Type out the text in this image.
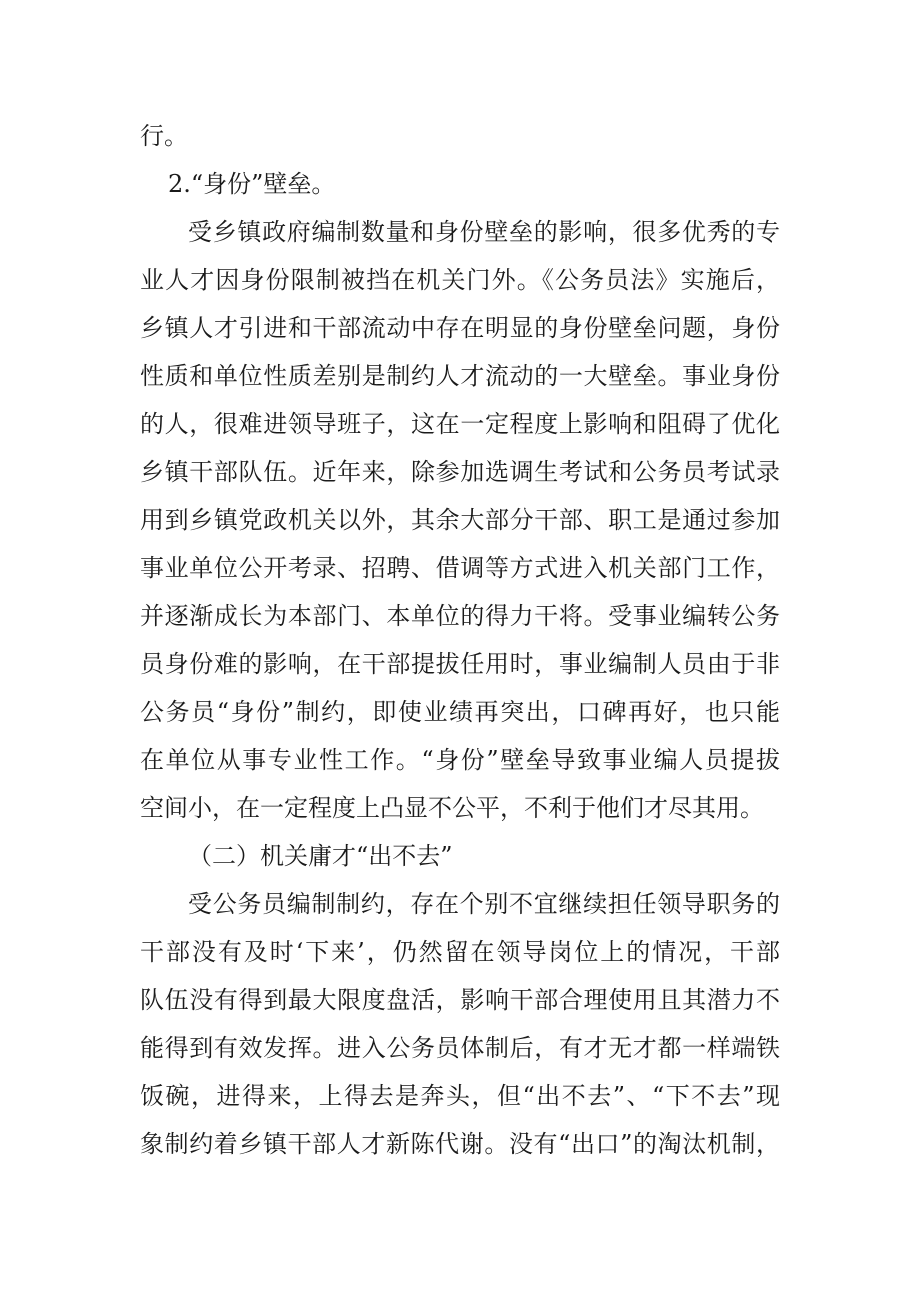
行。
2.“身份”壁垒。
受乡镇政府编制数量和身份壁垒的影响，很多优秀的专
业人才因身份限制被挡在机关门外。《公务员法》实施后，
乡镇人才引进和干部流动中存在明显的身份壁垒问题，身份
性质和单位性质差别是制约人才流动的一大壁垒。事业身份
的人，很难进领导班子，这在一定程度上影响和阻碍了优化
乡镇干部队伍。近年来，除参加选调生考试和公务员考试录
用到乡镇党政机关以外，其余大部分干部、职工是通过参加
事业单位公开考录、招聘、借调等方式进入机关部门工作，
并逐渐成长为本部门、本单位的得力干将。受事业编转公务
员身份难的影响，在干部提拔任用时，事业编制人员由于非
公务员“身份”制约，即使业绩再突出，口碑再好，也只能
在单位从事专业性工作。“身份”壁垒导致事业编人员提拔
空间小，在一定程度上凸显不公平，不利于他们才尽其用。
（二）机关庸才“出不去”
受公务员编制制约，存在个别不宜继续担任领导职务的
干部没有及时‘下来’，仍然留在领导岗位上的情况，干部
队伍没有得到最大限度盘活，影响干部合理使用且其潜力不
能得到有效发挥。进入公务员体制后，有才无才都一样端铁
饭碗，进得来，上得去是奔头，但“出不去”、“下不去”现
象制约着乡镇干部人才新陈代谢。没有“出口”的淘汰机制，
